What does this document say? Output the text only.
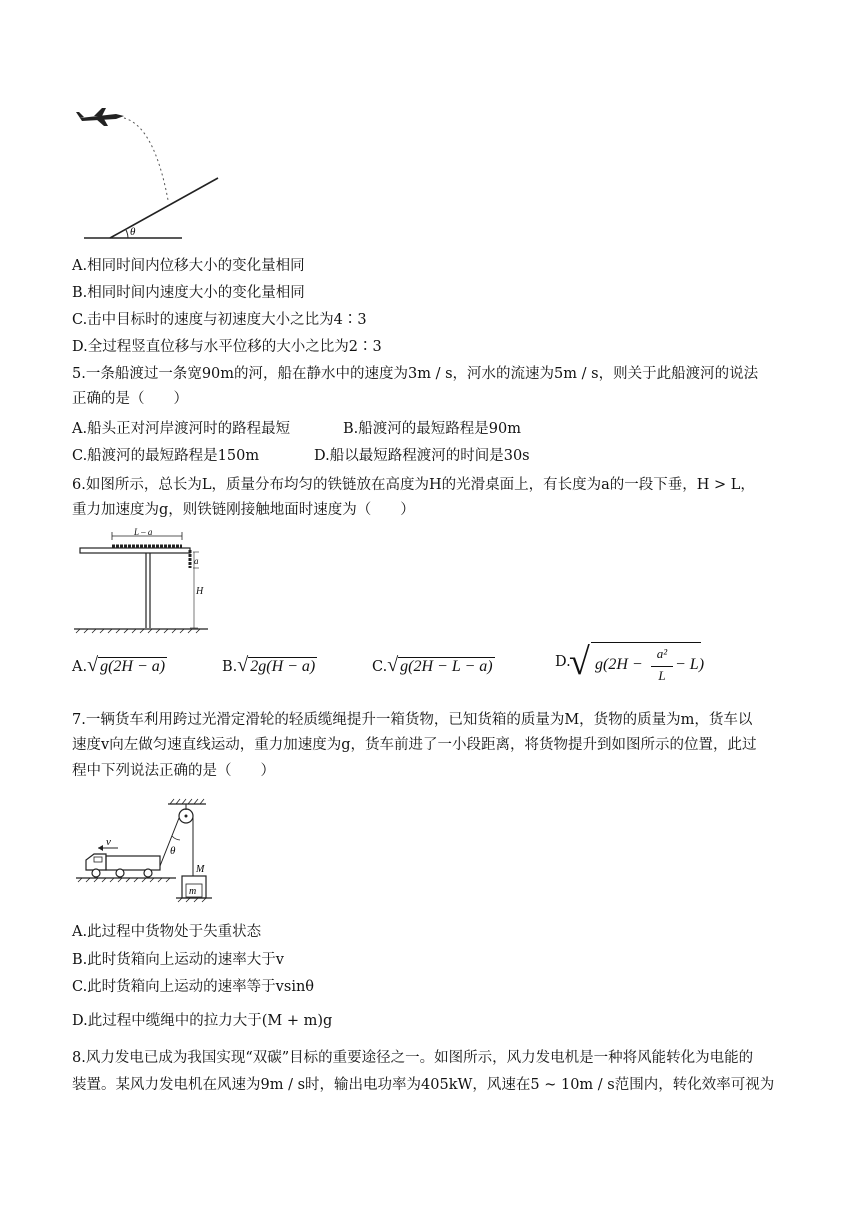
θ
A.相同时间内位移大小的变化量相同
B.相同时间内速度大小的变化量相同
C.击中目标时的速度与初速度大小之比为4∶3
D.全过程竖直位移与水平位移的大小之比为2∶3
5.一条船渡过一条宽90m的河，船在静水中的速度为3m / s，河水的流速为5m / s，则关于此船渡河的说法
正确的是（　　）
A.船头正对河岸渡河时的路程最短	B.船渡河的最短路程是90m
C.船渡河的最短路程是150m	D.船以最短路程渡河的时间是30s
6.如图所示，总长为L，质量分布均匀的铁链放在高度为H的光滑桌面上，有长度为a的一段下垂，H > L，
重力加速度为g，则铁链刚接触地面时速度为（　　）
L – a
a
H
A.√ g(2H − a)	B.√ 2g(H − a)	C.√ g(2H − L − a)	D.
√ g(2H −
a²
L
− L)
7.一辆货车利用跨过光滑定滑轮的轻质缆绳提升一箱货物，已知货箱的质量为M，货物的质量为m，货车以
速度v向左做匀速直线运动，重力加速度为g，货车前进了一小段距离，将货物提升到如图所示的位置，此过
程中下列说法正确的是（　　）
θ
v
m
M
A.此过程中货物处于失重状态
B.此时货箱向上运动的速率大于v
C.此时货箱向上运动的速率等于vsinθ
D.此过程中缆绳中的拉力大于(M + m)g
8.风力发电已成为我国实现“双碳”目标的重要途径之一。如图所示，风力发电机是一种将风能转化为电能的
装置。某风力发电机在风速为9m / s时，输出电功率为405kW，风速在5 ~ 10m / s范围内，转化效率可视为
